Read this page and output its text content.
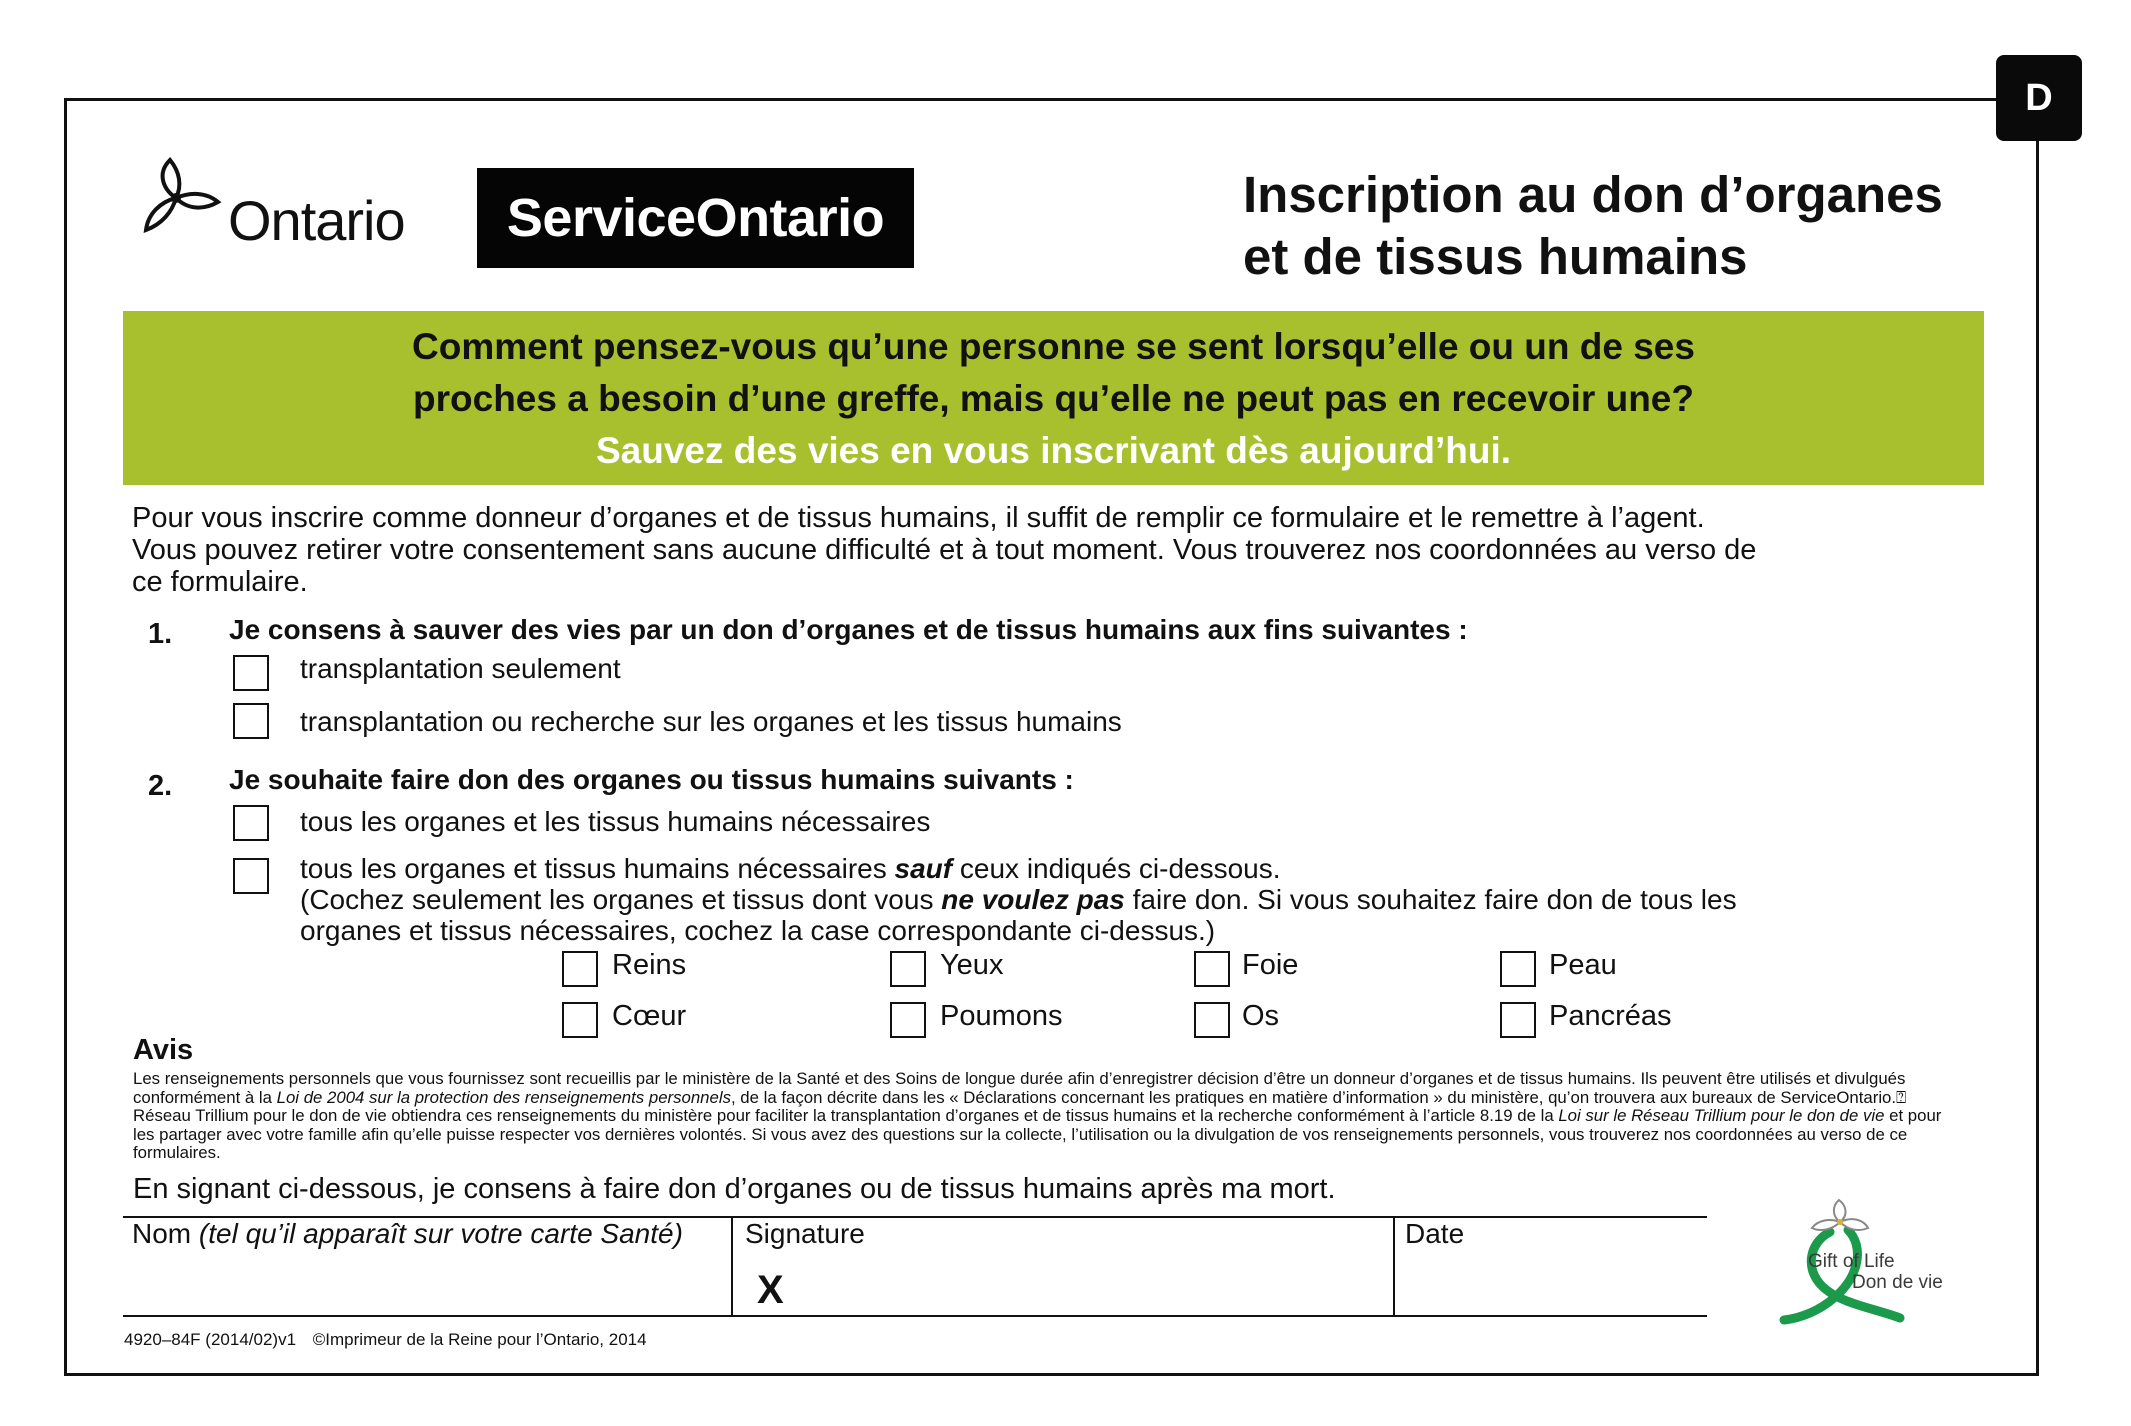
D
Ontario ServiceOntario	Inscription au don d’organes
et de tissus humains
Comment pensez-vous qu’une personne se sent lorsqu’elle ou un de ses
proches a besoin d’une greffe, mais qu’elle ne peut pas en recevoir une?
Sauvez des vies en vous inscrivant dès aujourd’hui.
Pour vous inscrire comme donneur d’organes et de tissus humains, il suffit de remplir ce formulaire et le remettre à l’agent.
Vous pouvez retirer votre consentement sans aucune difficulté et à tout moment. Vous trouverez nos coordonnées au verso de
ce formulaire.
1. Je consens à sauver des vies par un don d’organes et de tissus humains aux fins suivantes :
transplantation seulement
transplantation ou recherche sur les organes et les tissus humains
2. Je souhaite faire don des organes ou tissus humains suivants :
tous les organes et les tissus humains nécessaires
tous les organes et tissus humains nécessaires sauf ceux indiqués ci-dessous.
(Cochez seulement les organes et tissus dont vous ne voulez pas faire don. Si vous souhaitez faire don de tous les
organes et tissus nécessaires, cochez la case correspondante ci-dessus.)
Reins	Yeux	Foie	Peau
Cœur	Poumons	Os	Pancréas
Avis
Les renseignements personnels que vous fournissez sont recueillis par le ministère de la Santé et des Soins de longue durée afin d’enregistrer décision d’être un donneur d’organes et de tissus humains. Ils peuvent être utilisés et divulgués conformément à la Loi de 2004 sur la protection des renseignements personnels, de la façon décrite dans les « Déclarations concernant les pratiques en matière d’information » du ministère, qu’on trouvera aux bureaux de ServiceOntario.⍰ Réseau Trillium pour le don de vie obtiendra ces renseignements du ministère pour faciliter la transplantation d’organes et de tissus humains et la recherche conformément à l’article 8.19 de la Loi sur le Réseau Trillium pour le don de vie et pour les partager avec votre famille afin qu’elle puisse respecter vos dernières volontés. Si vous avez des questions sur la collecte, l’utilisation ou la divulgation de vos renseignements personnels, vous trouverez nos coordonnées au verso de ce formulaires.
En signant ci-dessous, je consens à faire don d’organes ou de tissus humains après ma mort.
Nom (tel qu’il apparaît sur votre carte Santé) Signature
X
Date
Gift of Life
Don de vie
4920–84F (2014/02)v1 ©Imprimeur de la Reine pour l’Ontario, 2014
